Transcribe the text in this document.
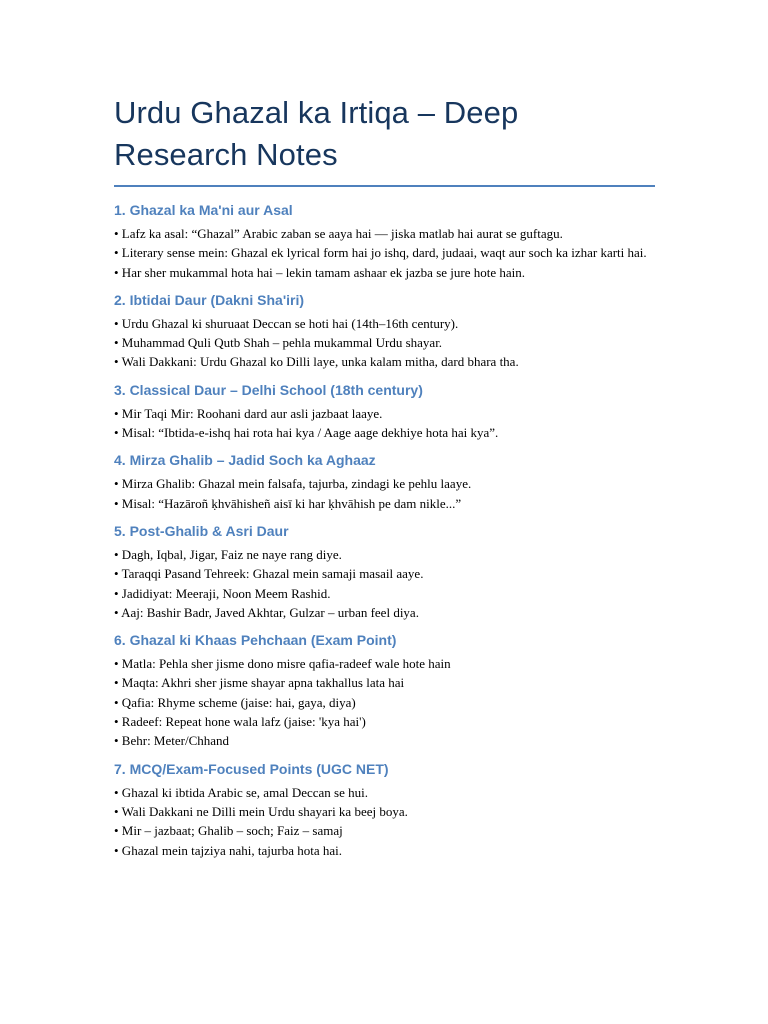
Urdu Ghazal ka Irtiqa – Deep Research Notes
1. Ghazal ka Ma'ni aur Asal
• Lafz ka asal: “Ghazal” Arabic zaban se aaya hai — jiska matlab hai aurat se guftagu.
• Literary sense mein: Ghazal ek lyrical form hai jo ishq, dard, judaai, waqt aur soch ka izhar karti hai.
• Har sher mukammal hota hai – lekin tamam ashaar ek jazba se jure hote hain.
2. Ibtidai Daur (Dakni Sha'iri)
• Urdu Ghazal ki shuruaat Deccan se hoti hai (14th–16th century).
• Muhammad Quli Qutb Shah – pehla mukammal Urdu shayar.
• Wali Dakkani: Urdu Ghazal ko Dilli laye, unka kalam mitha, dard bhara tha.
3. Classical Daur – Delhi School (18th century)
• Mir Taqi Mir: Roohani dard aur asli jazbaat laaye.
• Misal: “Ibtida-e-ishq hai rota hai kya / Aage aage dekhiye hota hai kya”.
4. Mirza Ghalib – Jadid Soch ka Aghaaz
• Mirza Ghalib: Ghazal mein falsafa, tajurba, zindagi ke pehlu laaye.
• Misal: “Hazāroñ ḳhvāhisheñ aisī ki har ḳhvāhish pe dam nikle...”
5. Post-Ghalib & Asri Daur
• Dagh, Iqbal, Jigar, Faiz ne naye rang diye.
• Taraqqi Pasand Tehreek: Ghazal mein samaji masail aaye.
• Jadidiyat: Meeraji, Noon Meem Rashid.
• Aaj: Bashir Badr, Javed Akhtar, Gulzar – urban feel diya.
6. Ghazal ki Khaas Pehchaan (Exam Point)
• Matla: Pehla sher jisme dono misre qafia-radeef wale hote hain
• Maqta: Akhri sher jisme shayar apna takhallus lata hai
• Qafia: Rhyme scheme (jaise: hai, gaya, diya)
• Radeef: Repeat hone wala lafz (jaise: 'kya hai')
• Behr: Meter/Chhand
7. MCQ/Exam-Focused Points (UGC NET)
• Ghazal ki ibtida Arabic se, amal Deccan se hui.
• Wali Dakkani ne Dilli mein Urdu shayari ka beej boya.
• Mir – jazbaat; Ghalib – soch; Faiz – samaj
• Ghazal mein tajziya nahi, tajurba hota hai.
